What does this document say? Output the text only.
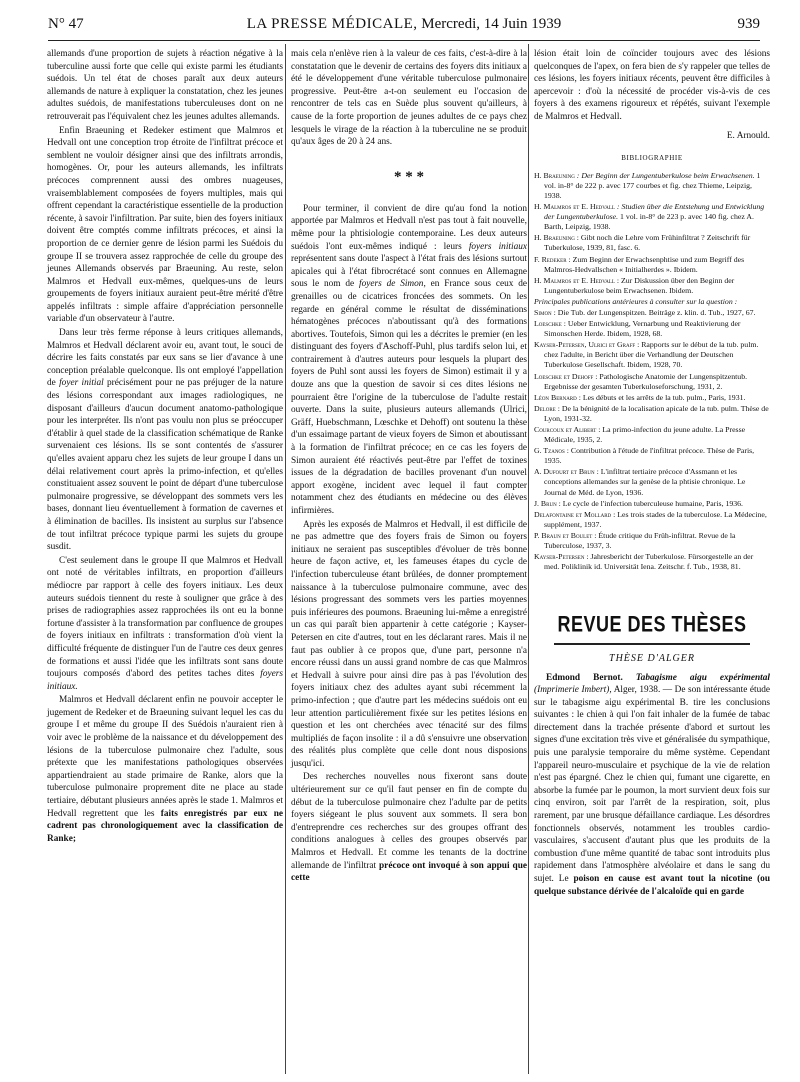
N° 47	LA PRESSE MÉDICALE, Mercredi, 14 Juin 1939	939

allemands d'une proportion de sujets à réaction négative à la tuberculine aussi forte que celle qui existe parmi les étudiants suédois. Un tel état de choses paraît aux deux auteurs allemands de nature à expliquer la constatation, chez les jeunes adultes suédois, de manifestations tuberculeuses dont on ne retrouverait pas l'équivalent chez les jeunes adultes allemands.

Enfin Braeuning et Redeker estiment que Malmros et Hedvall ont une conception trop étroite de l'infiltrat précoce et semblent ne vouloir désigner ainsi que des infiltrats arrondis, homogènes. Or, pour les auteurs allemands, les infiltrats précoces comprennent aussi des ombres nuageuses, vraisemblablement composées de foyers multiples, mais qui offrent cependant la caractéristique essentielle de la production récente, à savoir l'infiltration. Par suite, bien des foyers initiaux doivent être comptés comme infiltrats précoces, et ainsi la proportion de ce dernier genre de lésion parmi les Suédois du groupe II se trouvera assez rapprochée de celle du groupe des jeunes Allemands observés par Braeuning. Au reste, selon Malmros et Hedvall eux-mêmes, quelques-uns de leurs groupements de foyers initiaux auraient peut-être mérité d'être appelés infiltrats : simple affaire d'appréciation personnelle variable d'un observateur à l'autre.

Dans leur très ferme réponse à leurs critiques allemands, Malmros et Hedvall déclarent avoir eu, avant tout, le souci de décrire les faits constatés par eux sans se lier d'avance à une conception préalable quelconque. Ils ont employé l'appellation de foyer initial précisément pour ne pas préjuger de la nature des lésions correspondant aux images radiologiques, ne disposant d'ailleurs d'aucun document anatomo-pathologique pour les interpréter. Ils n'ont pas voulu non plus se préoccuper d'établir à quel stade de la classification schématique de Ranke survenaient ces lésions. Ils se sont contentés de s'assurer qu'elles avaient apparu chez les sujets de leur groupe I dans un délai relativement court après la primo-infection, et qu'elles constituaient assez souvent le point de départ d'une tuberculose pulmonaire progressive, se développant des sommets vers les bases, donnant lieu éventuellement à formation de cavernes et à élimination de bacilles. Ils insistent au surplus sur l'absence de tout infiltrat précoce typique parmi les sujets du groupe susdit.

C'est seulement dans le groupe II que Malmros et Hedvall ont noté de véritables infiltrats, en proportion d'ailleurs médiocre par rapport à celle des foyers initiaux. Les deux auteurs suédois tiennent du reste à souligner que grâce à des prises de radiographies assez rapprochées ils ont eu la bonne fortune d'assister à la transformation par confluence de groupes de foyers initiaux en infiltrats : transformation d'où vient la difficulté fréquente de distinguer l'un de l'autre ces deux genres de formations et aussi l'idée que les infiltrats sont sans doute toujours composés d'abord des petites taches dites foyers initiaux.

Malmros et Hedvall déclarent enfin ne pouvoir accepter le jugement de Redeker et de Braeuning suivant lequel les cas du groupe I et même du groupe II des Suédois n'auraient rien à voir avec le problème de la naissance et du développement des lésions de la tuberculose pulmonaire chez l'adulte, sous prétexte que les manifestations pathologiques observées appartiendraient au stade primaire de Ranke, alors que la tuberculose pulmonaire proprement dite ne place au stade tertiaire, débutant plusieurs années après le stade 1. Malmros et Hedvall regrettent que les faits enregistrés par eux ne cadrent pas chronologiquement avec la classification de Ranke;

mais cela n'enlève rien à la valeur de ces faits, c'est-à-dire à la constatation que le devenir de certains des foyers dits initiaux a été le développement d'une véritable tuberculose pulmonaire progressive. Peut-être a-t-on seulement eu l'occasion de rencontrer de tels cas en Suède plus souvent qu'ailleurs, à cause de la forte proportion de jeunes adultes de ce pays chez lesquels le virage de la réaction à la tuberculine ne se produit qu'aux âges de 20 à 24 ans.

* * *

Pour terminer, il convient de dire qu'au fond la notion apportée par Malmros et Hedvall n'est pas tout à fait nouvelle, même pour la phtisiologie contemporaine. Les deux auteurs suédois l'ont eux-mêmes indiqué : leurs foyers initiaux représentent sans doute l'aspect à l'état frais des lésions surtout apicales qui à l'état fibrocrétacé sont connues en Allemagne sous le nom de foyers de Simon, en France sous ceux de grenailles ou de cicatrices froncées des sommets. On les regarde en général comme le résultat de disséminations hématogènes précoces n'aboutissant qu'à des formations abortives. Toutefois, Simon qui les a décrites le premier (en les distinguant des foyers d'Aschoff-Puhl, plus tardifs selon lui, et contrairement à d'autres auteurs pour lesquels la plupart des foyers de Puhl sont aussi les foyers de Simon) estimait il y a douze ans que la question de savoir si ces dites lésions ne pourraient être l'origine de la tuberculose de l'adulte restait ouverte. Dans la suite, plusieurs auteurs allemands (Ulrici, Gräff, Huebschmann, Lœschke et Dehoff) ont soutenu la thèse d'un essaimage partant de vieux foyers de Simon et aboutissant à la formation de l'infiltrat précoce; en ce cas les foyers de Simon auraient été réactivés peut-être par l'effet de toxines issues de la dégradation de bacilles provenant d'un nouvel apport exogène, incident avec lequel il faut compter notamment chez des étudiants en médecine ou des élèves infirmières.

Après les exposés de Malmros et Hedvall, il est difficile de ne pas admettre que des foyers frais de Simon ou foyers initiaux ne seraient pas susceptibles d'évoluer de très bonne heure de façon active, et, les fameuses étapes du cycle de l'infection tuberculeuse étant brûlées, de donner promptement naissance à la tuberculose pulmonaire commune, avec des lésions progressant des sommets vers les parties moyennes puis inférieures des poumons. Braeuning lui-même a enregistré un cas qui paraît bien appartenir à cette catégorie ; Kayser-Petersen en cite d'autres, tout en les déclarant rares. Mais il ne faut pas oublier à ce propos que, d'une part, personne n'a encore réussi dans un aussi grand nombre de cas que Malmros et Hedvall à suivre pour ainsi dire pas à pas l'évolution des foyers initiaux chez des adultes ayant subi récemment la primo-infection ; que d'autre part les médecins suédois ont eu leur attention particulièrement fixée sur les petites lésions en question et les ont cherchées avec ténacité sur des films multipliés de façon insolite : il a dû s'ensuivre une observation des réalités plus complète que celle dont nous disposions jusqu'ici.

Des recherches nouvelles nous fixeront sans doute ultérieurement sur ce qu'il faut penser en fin de compte du début de la tuberculose pulmonaire chez l'adulte par de petits foyers siégeant le plus souvent aux sommets. Il sera bon d'entreprendre ces recherches sur des groupes offrant des conditions analogues à celles des groupes observés par Malmros et Hedvall. Et comme les tenants de la doctrine allemande de l'infiltrat précoce ont invoqué à son appui que cette

lésion était loin de coïncider toujours avec des lésions quelconques de l'apex, on fera bien de s'y rappeler que telles de ces lésions, les foyers initiaux récents, peuvent être difficiles à apercevoir : d'où la nécessité de procéder vis-à-vis de ces foyers à des examens rigoureux et répétés, suivant l'exemple de Malmros et Hedvall.

E. Arnould.
BIBLIOGRAPHIE
H. Braeuning : Der Beginn der Lungentuberkulose beim Erwachsenen. 1 vol. in-8° de 222 p. avec 177 courbes et fig. chez Thieme, Leipzig, 1938.
H. Malmros et E. Hedvall : Studien über die Entstehung und Entwicklung der Lungentuberkulose. 1 vol. in-8° de 223 p. avec 140 fig. chez A. Barth, Leipzig, 1938.
H. Braeuning : Gibt noch die Lehre vom Frühinfiltrat ? Zeitschrift für Tuberkulose, 1939, 81, fasc. 6.
F. Redeker : Zum Beginn der Erwachsenphtise und zum Begriff des Malmros-Hedvallschen « Initialherdes ». Ibidem.
H. Malmros et E. Hedvall : Zur Diskussion über den Beginn der Lungentuberkulose beim Erwachsenen. Ibidem.
Principales publications antérieures à consulter sur la question :
Simon : Die Tub. der Lungenspitzen. Beiträge z. klin. d. Tub., 1927, 67.
Loeschke : Ueber Entwicklung, Vernarbung und Reaktivierung der Simonschen Herde. Ibidem, 1928, 68.
Kayser-Petersen, Ulrici et Graff : Rapports sur le début de la tub. pulm. chez l'adulte, in Bericht über die Verhandlung der Deutschen Tuberkulose Gesellschaft. Ibidem, 1928, 70.
Loeschke et Dehoff : Pathologische Anatomie der Lungenspitzentub. Ergebnisse der gesamten Tuberkuloseforschung, 1931, 2.
Léon Bernard : Les débuts et les arrêts de la tub. pulm., Paris, 1931.
Delore : De la bénignité de la localisation apicale de la tub. pulm. Thèse de Lyon, 1931-32.
Courcoux et Alibert : La primo-infection du jeune adulte. La Presse Médicale, 1935, 2.
G. Tzanos : Contribution à l'étude de l'infiltrat précoce. Thèse de Paris, 1935.
A. Dufourt et Brun : L'infiltrat tertiaire précoce d'Assmann et les conceptions allemandes sur la genèse de la phtisie chronique. Le Journal de Méd. de Lyon, 1936.
J. Brun : Le cycle de l'infection tuberculeuse humaine, Paris, 1936.
Delafontaine et Mollard : Les trois stades de la tuberculose. La Médecine, supplément, 1937.
P. Braun et Boulet : Étude critique du Früh-infiltrat. Revue de la Tuberculose, 1937, 3.
Kayser-Petersen : Jahresbericht der Tuberkulose. Fürsorgestelle an der med. Poliklinik id. Universität Iena. Zeitschr. f. Tub., 1938, 81.
REVUE DES THÈSES
THÈSE D'ALGER

Edmond Bernot. Tabagisme aigu expérimental (Imprimerie Imbert), Alger, 1938. — De son intéressante étude sur le tabagisme aigu expérimental B. tire les conclusions suivantes : le chien à qui l'on fait inhaler de la fumée de tabac directement dans la trachée présente d'abord et surtout les signes d'une excitation très vive et généralisée du sympathique, puis une paralysie temporaire du même système. Cependant l'appareil neuro-musculaire et psychique de la vie de relation n'est pas épargné. Chez le chien qui, fumant une cigarette, en absorbe la fumée par le poumon, la mort survient deux fois sur cinq environ, soit par l'arrêt de la respiration, soit, plus rarement, par une brusque défaillance cardiaque. Les désordres fonctionnels observés, notamment les troubles cardio-vasculaires, s'accusent d'autant plus que les produits de la combustion d'une même quantité de tabac sont introduits plus rapidement dans l'atmosphère alvéolaire et dans le sang du sujet. Le poison en cause est avant tout la nicotine (ou quelque substance dérivée de l'alcaloïde qui en garde
